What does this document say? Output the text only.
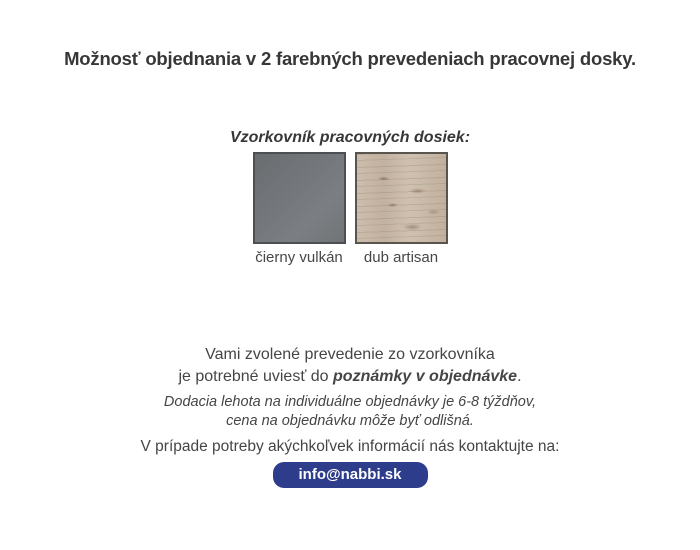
Možnosť objednania v 2 farebných prevedeniach pracovnej dosky.
Vzorkovník pracovných dosiek:
čierny vulkán dub artisan
Vami zvolené prevedenie zo vzorkovníka
je potrebné uviesť do poznámky v objednávke.
Dodacia lehota na individuálne objednávky je 6-8 týždňov,
cena na objednávku môže byť odlišná.
V prípade potreby akýchkoľvek informácií nás kontaktujte na:
info@nabbi.sk
